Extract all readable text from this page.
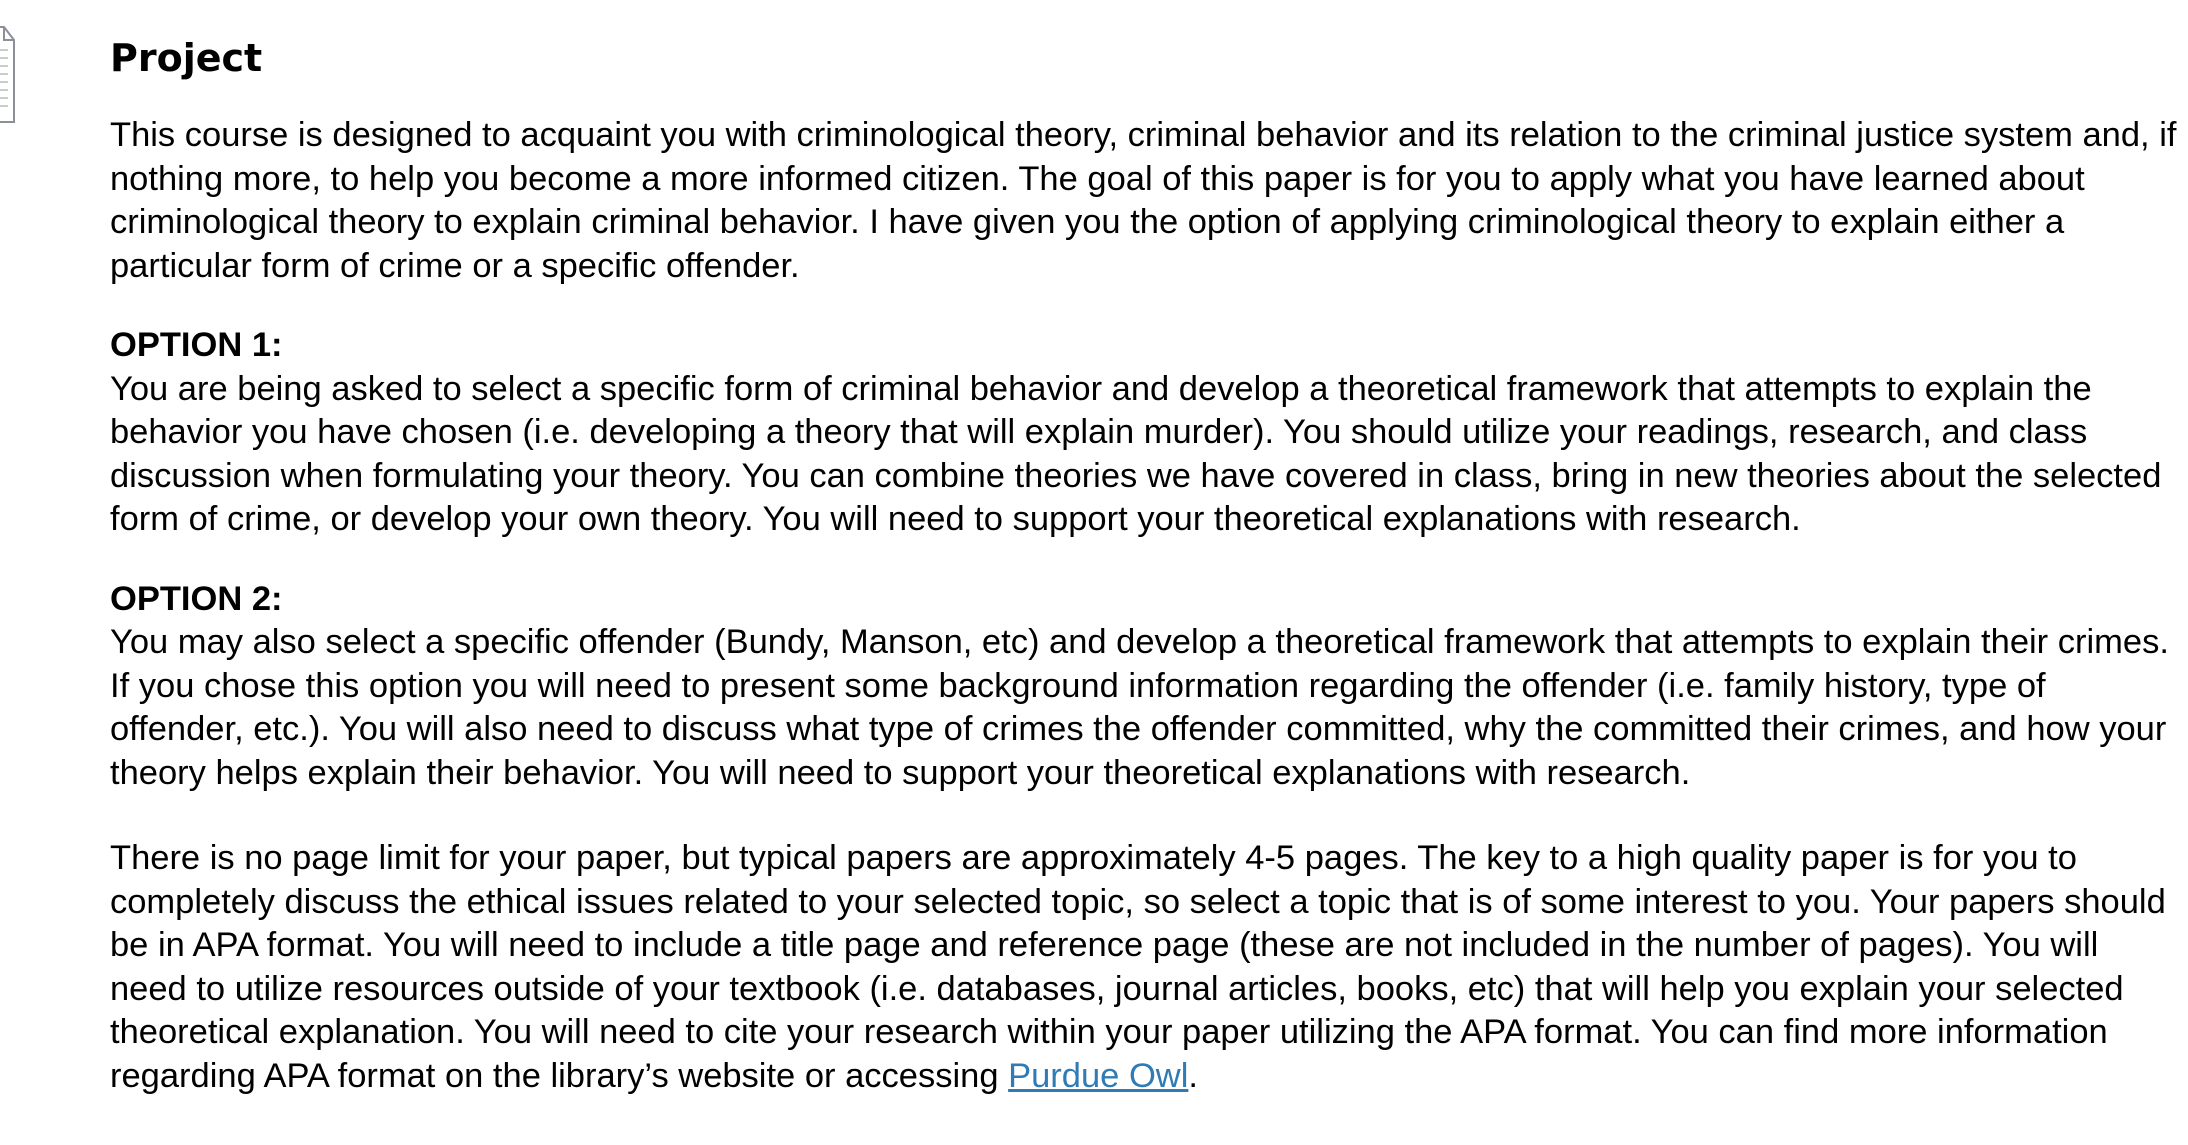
Project

This course is designed to acquaint you with criminological theory, criminal behavior and its relation to the criminal justice system and, if nothing more, to help you become a more informed citizen. The goal of this paper is for you to apply what you have learned about criminological theory to explain criminal behavior. I have given you the option of applying criminological theory to explain either a particular form of crime or a specific offender.

OPTION 1:

You are being asked to select a specific form of criminal behavior and develop a theoretical framework that attempts to explain the behavior you have chosen (i.e. developing a theory that will explain murder). You should utilize your readings, research, and class discussion when formulating your theory. You can combine theories we have covered in class, bring in new theories about the selected form of crime, or develop your own theory. You will need to support your theoretical explanations with research.

OPTION 2:

You may also select a specific offender (Bundy, Manson, etc) and develop a theoretical framework that attempts to explain their crimes. If you chose this option you will need to present some background information regarding the offender (i.e. family history, type of offender, etc.). You will also need to discuss what type of crimes the offender committed, why the committed their crimes, and how your theory helps explain their behavior. You will need to support your theoretical explanations with research.

There is no page limit for your paper, but typical papers are approximately 4-5 pages. The key to a high quality paper is for you to completely discuss the ethical issues related to your selected topic, so select a topic that is of some interest to you. Your papers should be in APA format. You will need to include a title page and reference page (these are not included in the number of pages). You will need to utilize resources outside of your textbook (i.e. databases, journal articles, books, etc) that will help you explain your selected theoretical explanation. You will need to cite your research within your paper utilizing the APA format. You can find more information regarding APA format on the library’s website or accessing Purdue Owl.
